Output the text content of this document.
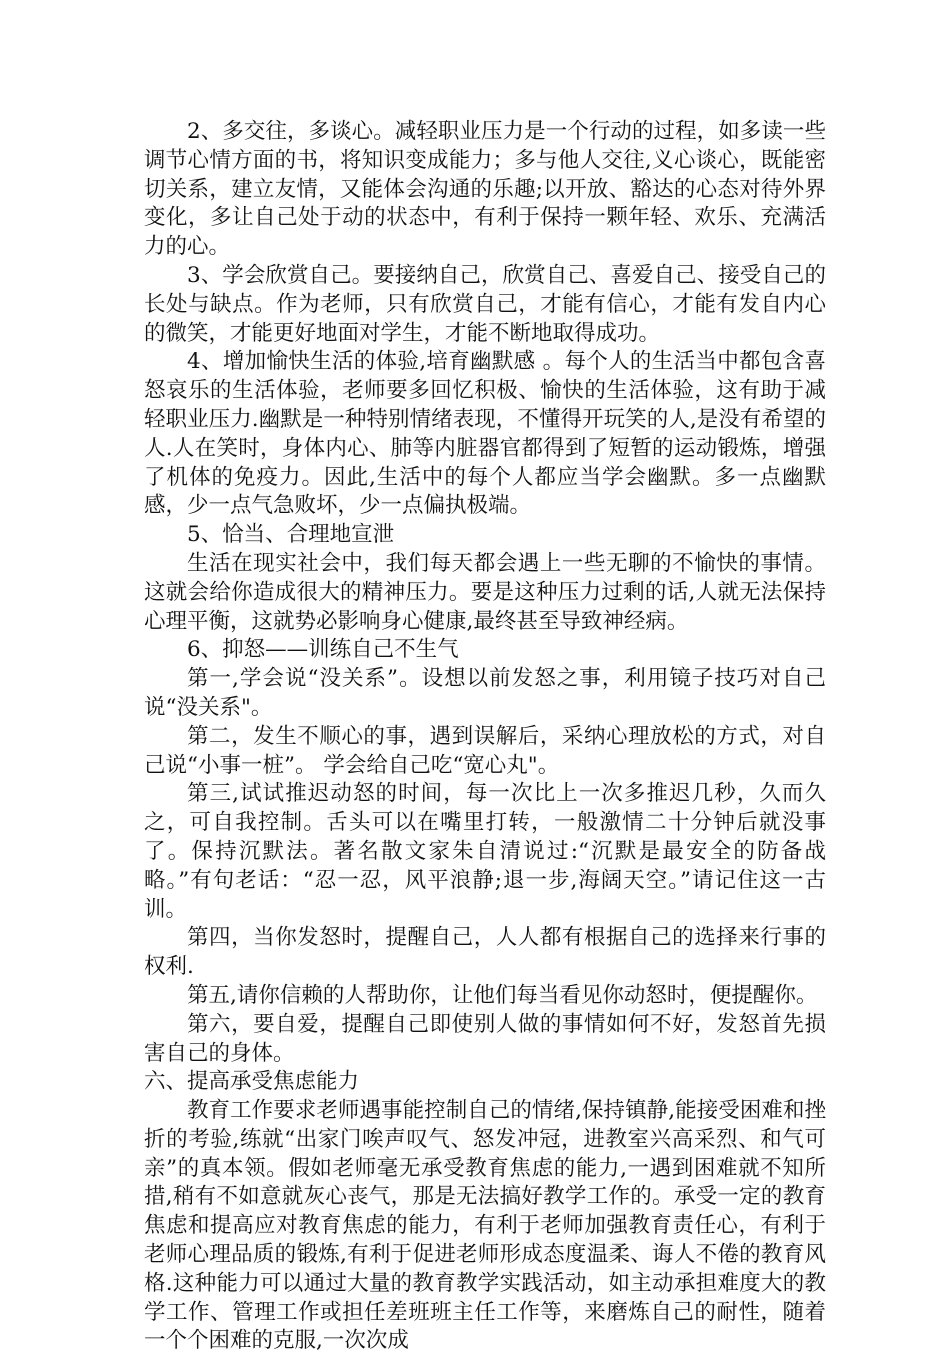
2、多交往，多谈心。减轻职业压力是一个行动的过程，如多读一些调节心情方面的书，将知识变成能力；多与他人交往,义心谈心，既能密切关系，建立友情，又能体会沟通的乐趣;以开放、豁达的心态对待外界变化，多让自己处于动的状态中，有利于保持一颗年轻、欢乐、充满活力的心。

3、学会欣赏自己。要接纳自己，欣赏自己、喜爱自己、接受自己的长处与缺点。作为老师，只有欣赏自己，才能有信心，才能有发自内心的微笑，才能更好地面对学生，才能不断地取得成功。

4、增加愉快生活的体验,培育幽默感 。每个人的生活当中都包含喜怒哀乐的生活体验，老师要多回忆积极、愉快的生活体验，这有助于减轻职业压力.幽默是一种特别情绪表现，不懂得开玩笑的人,是没有希望的人.人在笑时，身体内心、肺等内脏器官都得到了短暂的运动锻炼，增强了机体的免疫力。因此,生活中的每个人都应当学会幽默。多一点幽默感，少一点气急败坏，少一点偏执极端。

5、恰当、合理地宣泄

生活在现实社会中，我们每天都会遇上一些无聊的不愉快的事情。这就会给你造成很大的精神压力。要是这种压力过剩的话,人就无法保持心理平衡，这就势必影响身心健康,最终甚至导致神经病。

6、抑怒——训练自己不生气

第一,学会说“没关系”。设想以前发怒之事，利用镜子技巧对自己说“没关系"。

第二，发生不顺心的事，遇到误解后，采纳心理放松的方式，对自己说“小事一桩”。 学会给自己吃“宽心丸"。

第三,试试推迟动怒的时间，每一次比上一次多推迟几秒，久而久之，可自我控制。舌头可以在嘴里打转，一般激情二十分钟后就没事了。保持沉默法。著名散文家朱自清说过:“沉默是最安全的防备战略。”有句老话：“忍一忍，风平浪静;退一步,海阔天空。”请记住这一古训。

第四，当你发怒时，提醒自己，人人都有根据自己的选择来行事的权利.

第五,请你信赖的人帮助你，让他们每当看见你动怒时，便提醒你。

第六，要自爱，提醒自己即使别人做的事情如何不好，发怒首先损害自己的身体。

六、提高承受焦虑能力

教育工作要求老师遇事能控制自己的情绪,保持镇静,能接受困难和挫折的考验,练就“出家门唉声叹气、怒发冲冠，进教室兴高采烈、和气可亲”的真本领。假如老师毫无承受教育焦虑的能力,一遇到困难就不知所措,稍有不如意就灰心丧气，那是无法搞好教学工作的。承受一定的教育焦虑和提高应对教育焦虑的能力，有利于老师加强教育责任心，有利于老师心理品质的锻炼,有利于促进老师形成态度温柔、诲人不倦的教育风格.这种能力可以通过大量的教育教学实践活动，如主动承担难度大的教学工作、管理工作或担任差班班主任工作等，来磨炼自己的耐性，随着一个个困难的克服,一次次成
